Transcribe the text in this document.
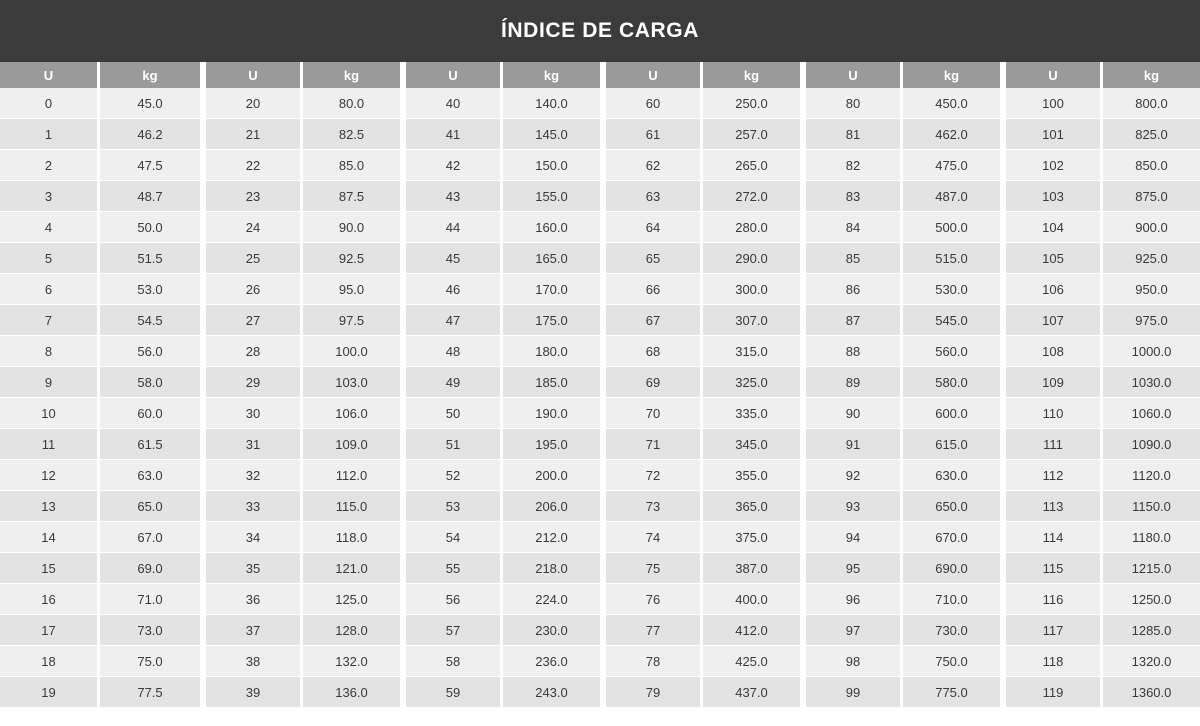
ÍNDICE DE CARGA
U	kg
0	45.0
1	46.2
2	47.5
3	48.7
4	50.0
5	51.5
6	53.0
7	54.5
8	56.0
9	58.0
10	60.0
11	61.5
12	63.0
13	65.0
14	67.0
15	69.0
16	71.0
17	73.0
18	75.0
19	77.5
U	kg
20	80.0
21	82.5
22	85.0
23	87.5
24	90.0
25	92.5
26	95.0
27	97.5
28	100.0
29	103.0
30	106.0
31	109.0
32	112.0
33	115.0
34	118.0
35	121.0
36	125.0
37	128.0
38	132.0
39	136.0
U	kg
40	140.0
41	145.0
42	150.0
43	155.0
44	160.0
45	165.0
46	170.0
47	175.0
48	180.0
49	185.0
50	190.0
51	195.0
52	200.0
53	206.0
54	212.0
55	218.0
56	224.0
57	230.0
58	236.0
59	243.0
U	kg
60	250.0
61	257.0
62	265.0
63	272.0
64	280.0
65	290.0
66	300.0
67	307.0
68	315.0
69	325.0
70	335.0
71	345.0
72	355.0
73	365.0
74	375.0
75	387.0
76	400.0
77	412.0
78	425.0
79	437.0
U	kg
80	450.0
81	462.0
82	475.0
83	487.0
84	500.0
85	515.0
86	530.0
87	545.0
88	560.0
89	580.0
90	600.0
91	615.0
92	630.0
93	650.0
94	670.0
95	690.0
96	710.0
97	730.0
98	750.0
99	775.0
U	kg
100	800.0
101	825.0
102	850.0
103	875.0
104	900.0
105	925.0
106	950.0
107	975.0
108	1000.0
109	1030.0
110	1060.0
111	1090.0
112	1120.0
113	1150.0
114	1180.0
115	1215.0
116	1250.0
117	1285.0
118	1320.0
119	1360.0
